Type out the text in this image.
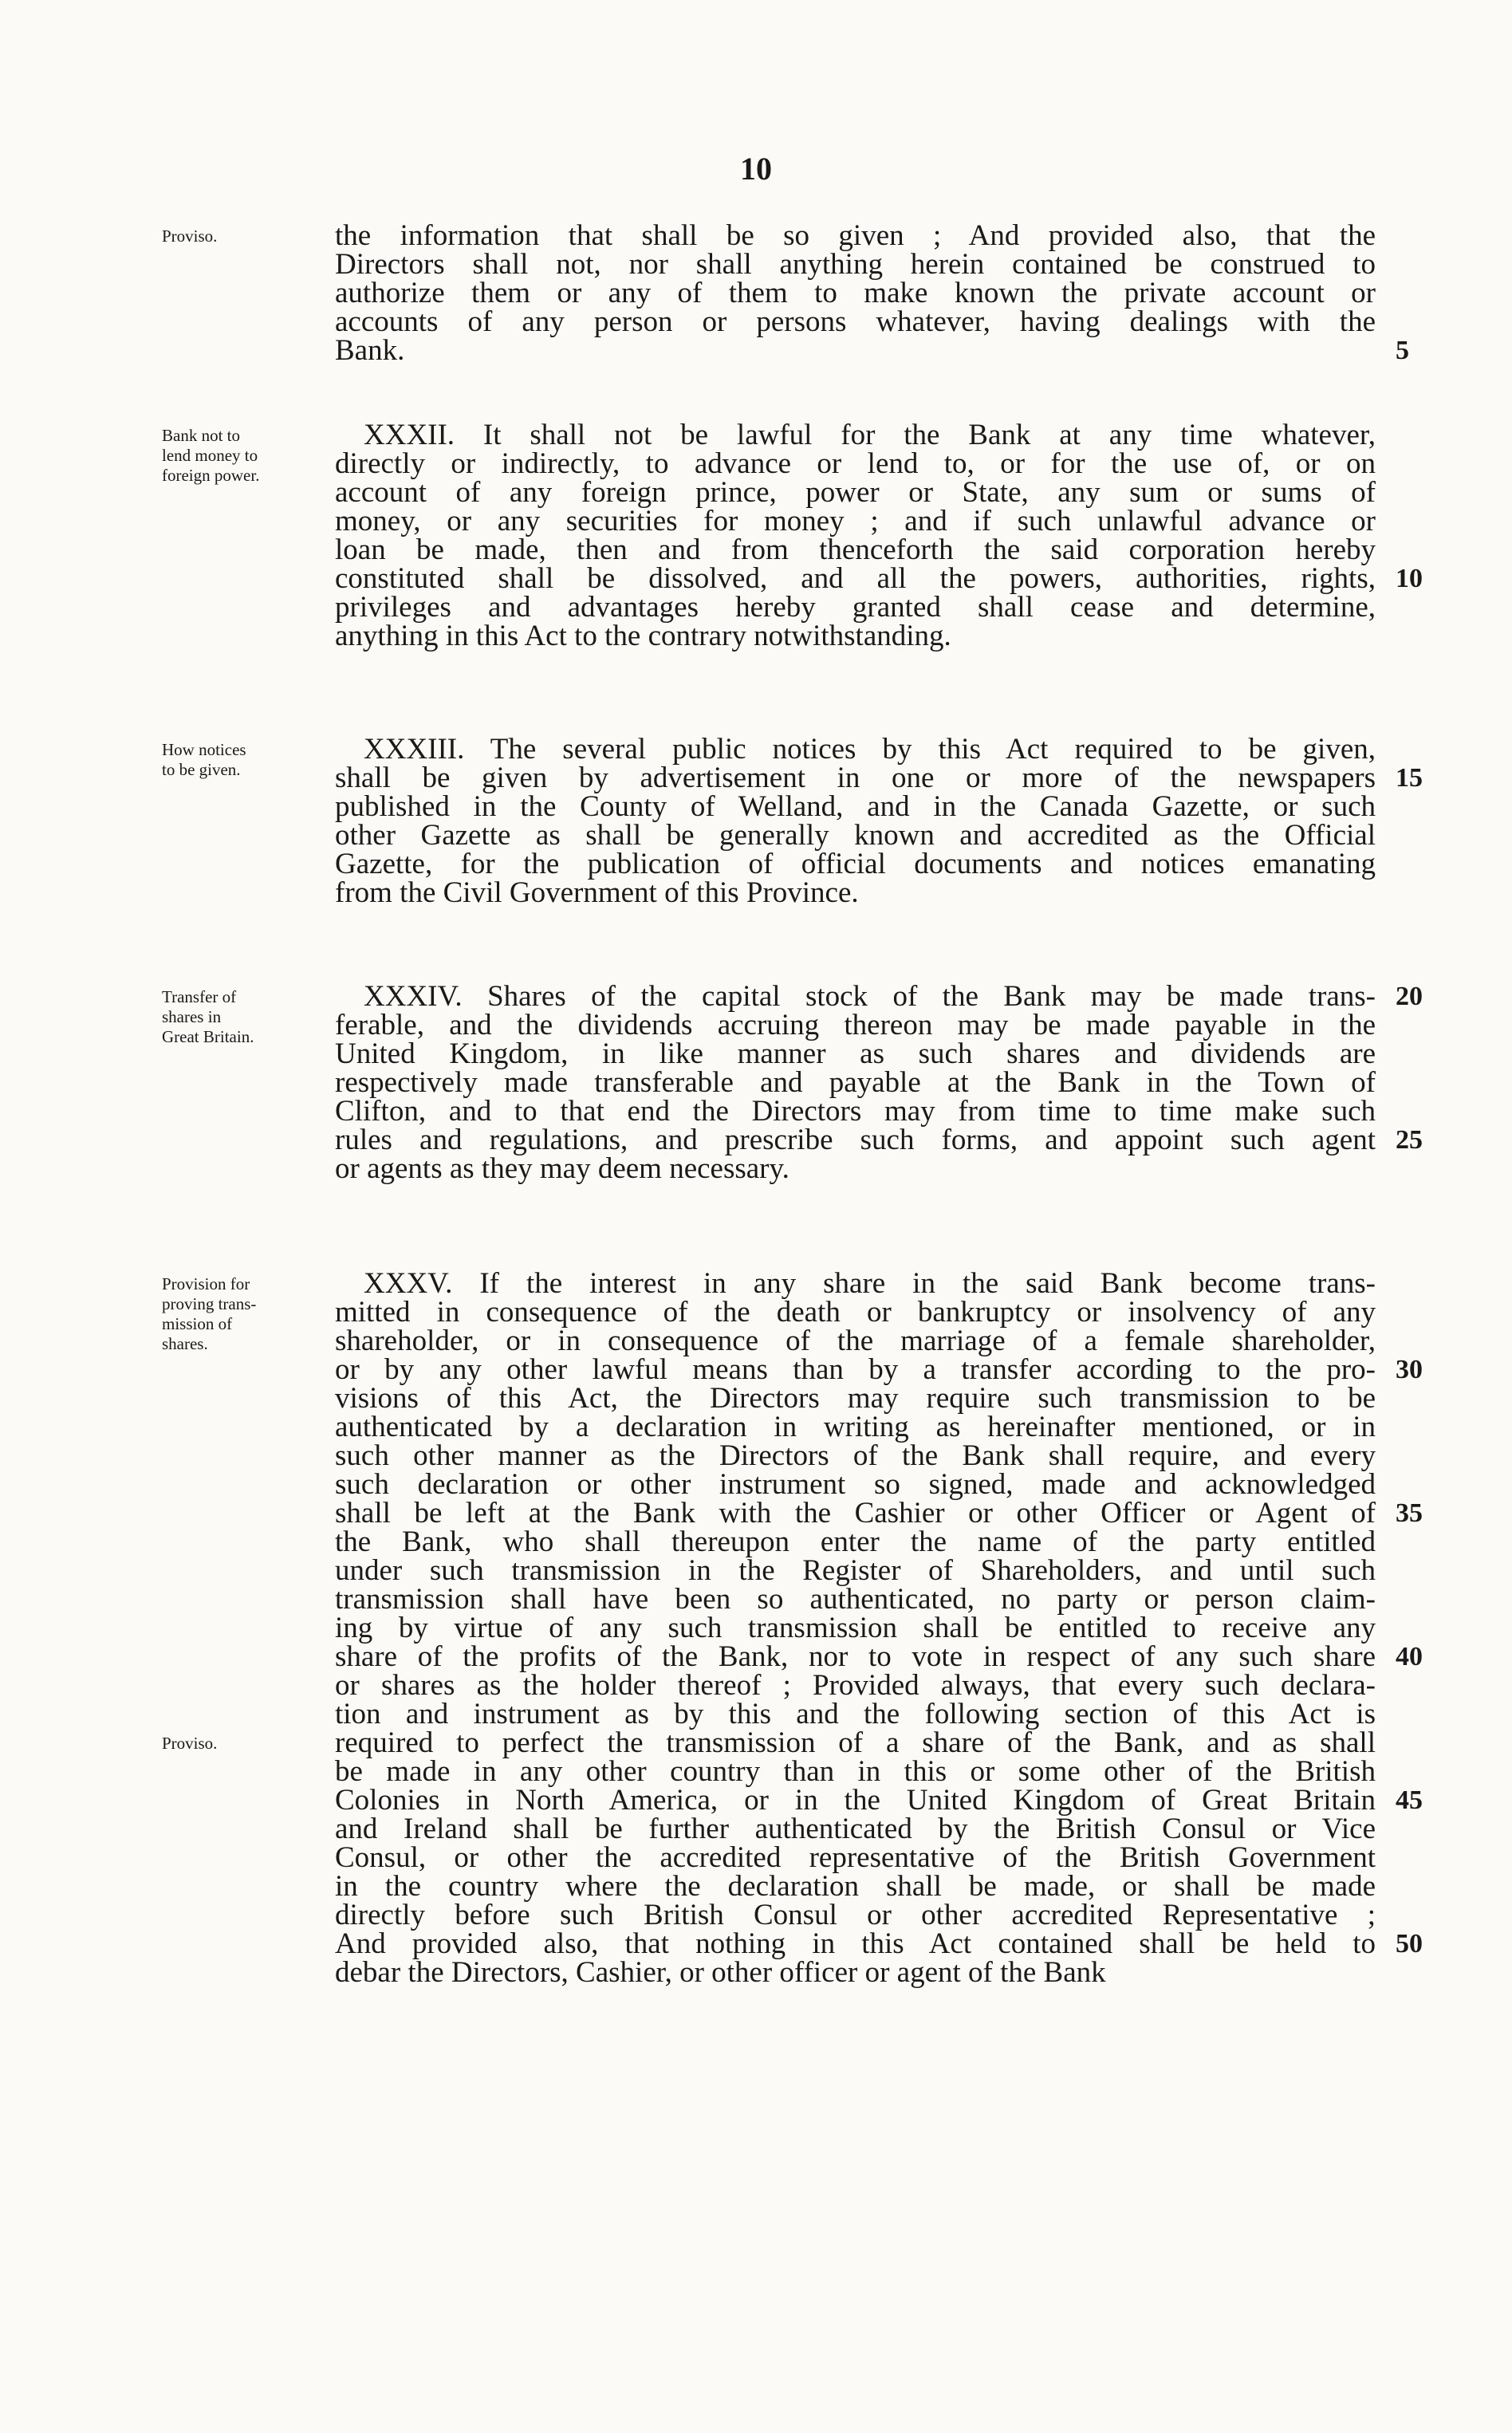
10
Proviso.	the information that shall be so given ; And provided also, that the
Directors shall not, nor shall anything herein contained be construed to
authorize them or any of them to make known the private account or
accounts of any person or persons whatever, having dealings with the
Bank.	5
Bank not to
lend money to
foreign power.
XXXII. It shall not be lawful for the Bank at any time whatever,
directly or indirectly, to advance or lend to, or for the use of, or on
account of any foreign prince, power or State, any sum or sums of
money, or any securities for money ; and if such unlawful advance or
loan be made, then and from thenceforth the said corporation hereby
constituted shall be dissolved, and all the powers, authorities, rights,
privileges and advantages hereby granted shall cease and determine,
anything in this Act to the contrary notwithstanding.
10
How notices
to be given.
XXXIII. The several public notices by this Act required to be given,
shall be given by advertisement in one or more of the newspapers
published in the County of Welland, and in the Canada Gazette, or such
other Gazette as shall be generally known and accredited as the Official
Gazette, for the publication of official documents and notices emanating
from the Civil Government of this Province.
15
Transfer of
shares in
Great Britain.
XXXIV. Shares of the capital stock of the Bank may be made trans-
ferable, and the dividends accruing thereon may be made payable in the
United Kingdom, in like manner as such shares and dividends are
respectively made transferable and payable at the Bank in the Town of
Clifton, and to that end the Directors may from time to time make such
rules and regulations, and prescribe such forms, and appoint such agent
or agents as they may deem necessary.
20
25
Provision for
proving trans-
mission of
shares.
Proviso.
XXXV. If the interest in any share in the said Bank become trans-
mitted in consequence of the death or bankruptcy or insolvency of any
shareholder, or in consequence of the marriage of a female shareholder,
or by any other lawful means than by a transfer according to the pro-
visions of this Act, the Directors may require such transmission to be
authenticated by a declaration in writing as hereinafter mentioned, or in
such other manner as the Directors of the Bank shall require, and every
such declaration or other instrument so signed, made and acknowledged
shall be left at the Bank with the Cashier or other Officer or Agent of
the Bank, who shall thereupon enter the name of the party entitled
under such transmission in the Register of Shareholders, and until such
transmission shall have been so authenticated, no party or person claim-
ing by virtue of any such transmission shall be entitled to receive any
share of the profits of the Bank, nor to vote in respect of any such share
or shares as the holder thereof ; Provided always, that every such declara-
tion and instrument as by this and the following section of this Act is
required to perfect the transmission of a share of the Bank, and as shall
be made in any other country than in this or some other of the British
Colonies in North America, or in the United Kingdom of Great Britain
and Ireland shall be further authenticated by the British Consul or Vice
Consul, or other the accredited representative of the British Government
in the country where the declaration shall be made, or shall be made
directly before such British Consul or other accredited Representative ;
And provided also, that nothing in this Act contained shall be held to
debar the Directors, Cashier, or other officer or agent of the Bank
30
35
40
45
50
